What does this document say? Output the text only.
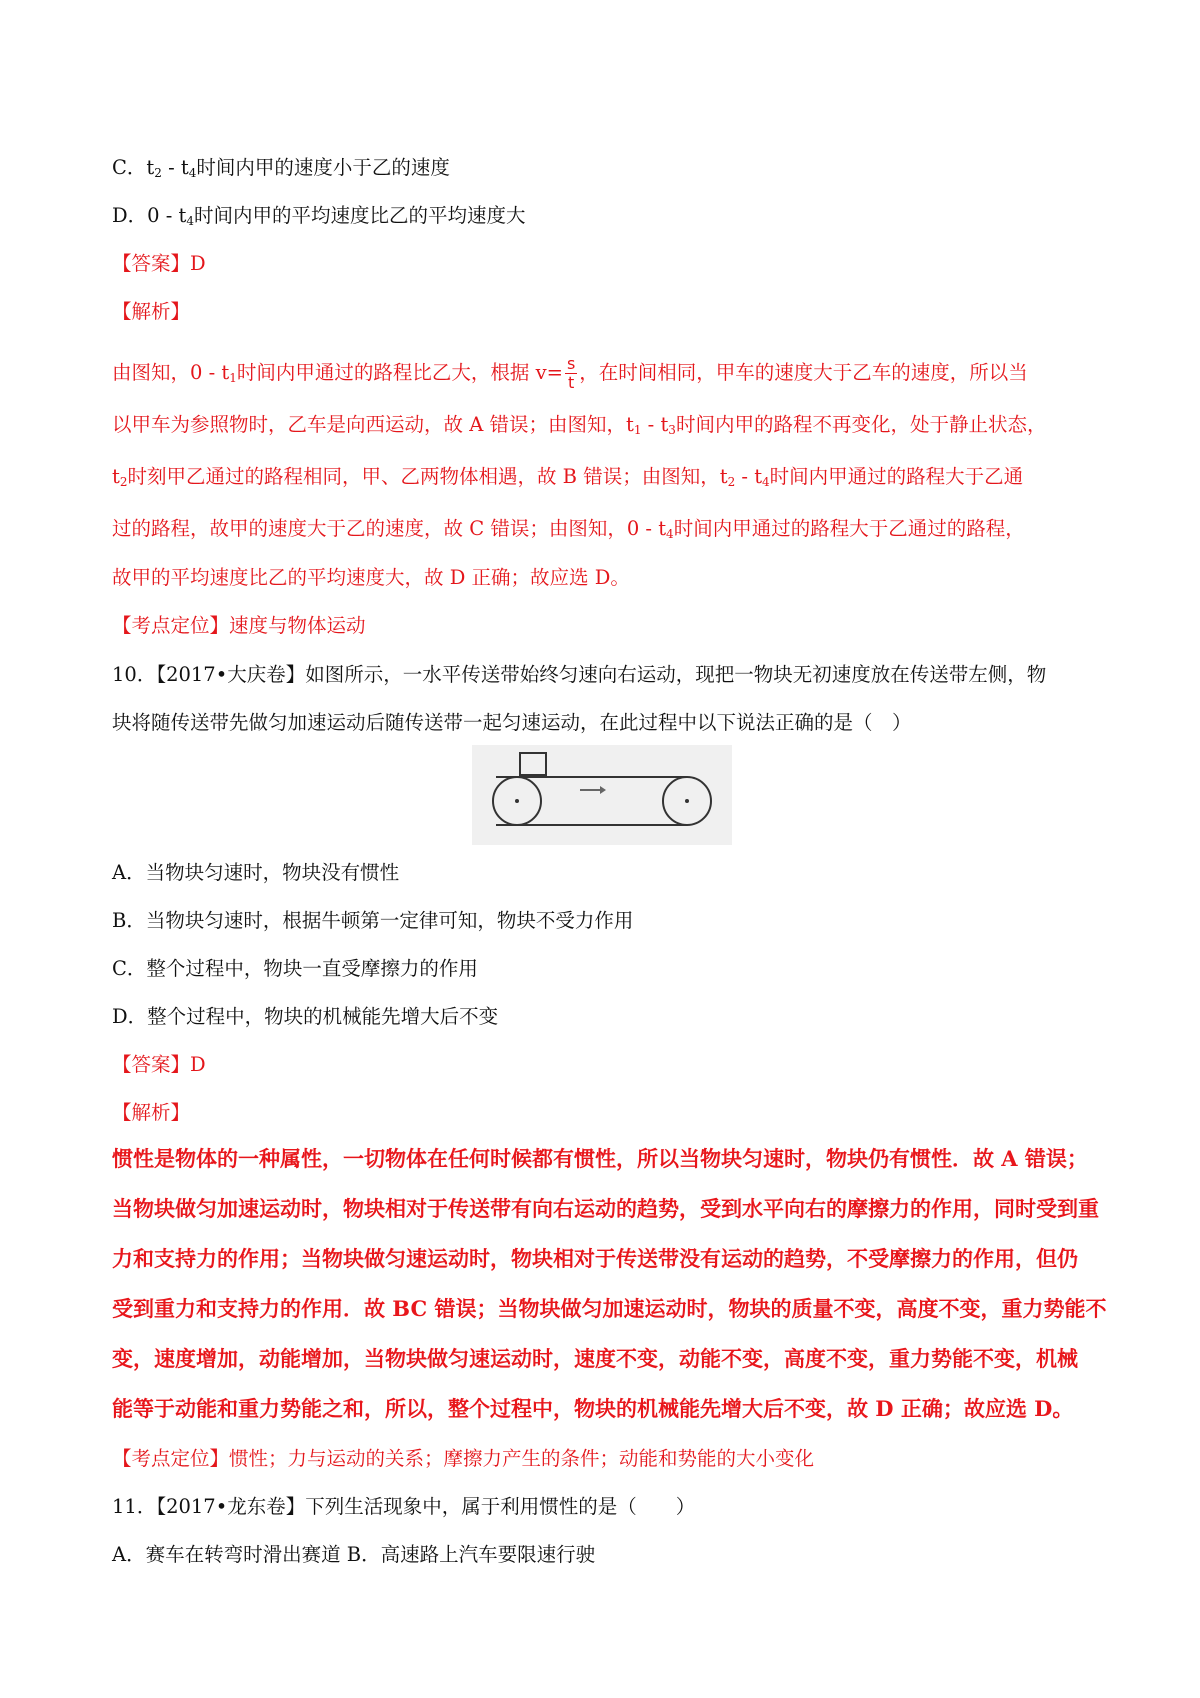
C．$t_2 - t_4$时间内甲的速度小于乙的速度
D．$0 - t_4$时间内甲的平均速度比乙的平均速度大
【答案】D
【解析】
由图知，$0 - t_1$时间内甲通过的路程比乙大，根据 $v= \frac{s}{t}$ ，在时间相同，甲车的速度大于乙车的速度，所以当
以甲车为参照物时，乙车是向西运动，故 A 错误；由图知，$t_1 - t_3$时间内甲的路程不再变化，处于静止状态，
$t_2$时刻甲乙通过的路程相同，甲、乙两物体相遇，故 B 错误；由图知，$t_2 - t_4$时间内甲通过的路程大于乙通
过的路程，故甲的速度大于乙的速度，故 C 错误；由图知，$0 - t_4$时间内甲通过的路程大于乙通过的路程，
故甲的平均速度比乙的平均速度大，故 D 正确；故应选 D。
【考点定位】速度与物体运动
10．【2017•大庆卷】如图所示，一水平传送带始终匀速向右运动，现把一物块无初速度放在传送带左侧，物
块将随传送带先做匀加速运动后随传送带一起匀速运动，在此过程中以下说法正确的是（　）
A．当物块匀速时，物块没有惯性
B．当物块匀速时，根据牛顿第一定律可知，物块不受力作用
C．整个过程中，物块一直受摩擦力的作用
D．整个过程中，物块的机械能先增大后不变
【答案】D
【解析】
惯性是物体的一种属性，一切物体在任何时候都有惯性，所以当物块匀速时，物块仍有惯性．故 A 错误；
当物块做匀加速运动时，物块相对于传送带有向右运动的趋势，受到水平向右的摩擦力的作用，同时受到重
力和支持力的作用；当物块做匀速运动时，物块相对于传送带没有运动的趋势，不受摩擦力的作用，但仍
受到重力和支持力的作用．故 BC 错误；当物块做匀加速运动时，物块的质量不变，高度不变，重力势能不
变，速度增加，动能增加，当物块做匀速运动时，速度不变，动能不变，高度不变，重力势能不变，机械
能等于动能和重力势能之和，所以，整个过程中，物块的机械能先增大后不变，故 D 正确；故应选 D。
【考点定位】惯性；力与运动的关系；摩擦力产生的条件；动能和势能的大小变化
11．【2017•龙东卷】下列生活现象中，属于利用惯性的是（　　）
A．赛车在转弯时滑出赛道 B．高速路上汽车要限速行驶
